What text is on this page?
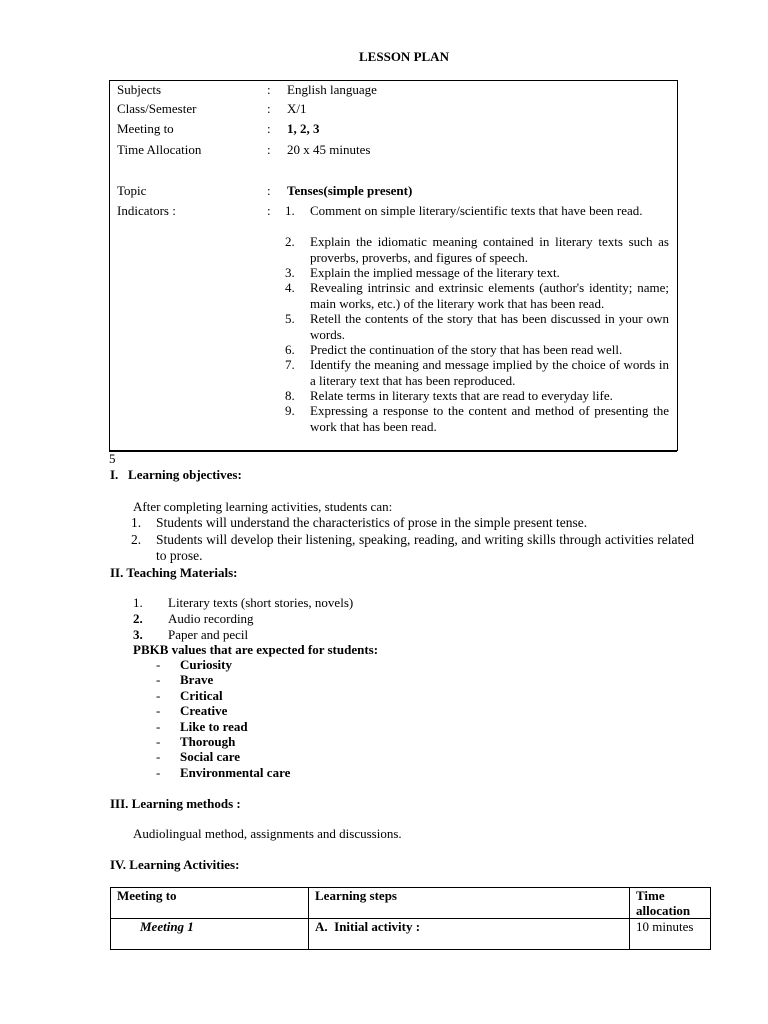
LESSON PLAN
Subjects	: English language
Class/Semester	: X/1
Meeting to	: 1, 2, 3
Time Allocation	: 20 x 45 minutes
Topic	: Tenses(simple present)
Indicators :	: 1.	Comment on simple literary/scientific texts that have been read.
2.	Explain the idiomatic meaning contained in literary texts such as proverbs, proverbs, and figures of speech.
3.	Explain the implied message of the literary text.
4.	Revealing intrinsic and extrinsic elements (author's identity; name; main works, etc.) of the literary work that has been read.
5.	Retell the contents of the story that has been discussed in your own words.
6.	Predict the continuation of the story that has been read well.
7.	Identify the meaning and message implied by the choice of words in a literary text that has been reproduced.
8.	Relate terms in literary texts that are read to everyday life.
9.	Expressing a response to the content and method of presenting the work that has been read.
5
I.   Learning objectives:
After completing learning activities, students can:
1. Students will understand the characteristics of prose in the simple present tense.
2. Students will develop their listening, speaking, reading, and writing skills through activities related to prose.
II. Teaching Materials:
1. Literary texts (short stories, novels)
2. Audio recording
3. Paper and pecil
PBKB values that are expected for students:
- Curiosity
- Brave
- Critical
- Creative
- Like to read
- Thorough
- Social care
- Environmental care
III. Learning methods :
Audiolingual method, assignments and discussions.
IV. Learning Activities:
Meeting to	Learning steps	Time allocation
Meeting 1	A.  Initial activity :	10 minutes
